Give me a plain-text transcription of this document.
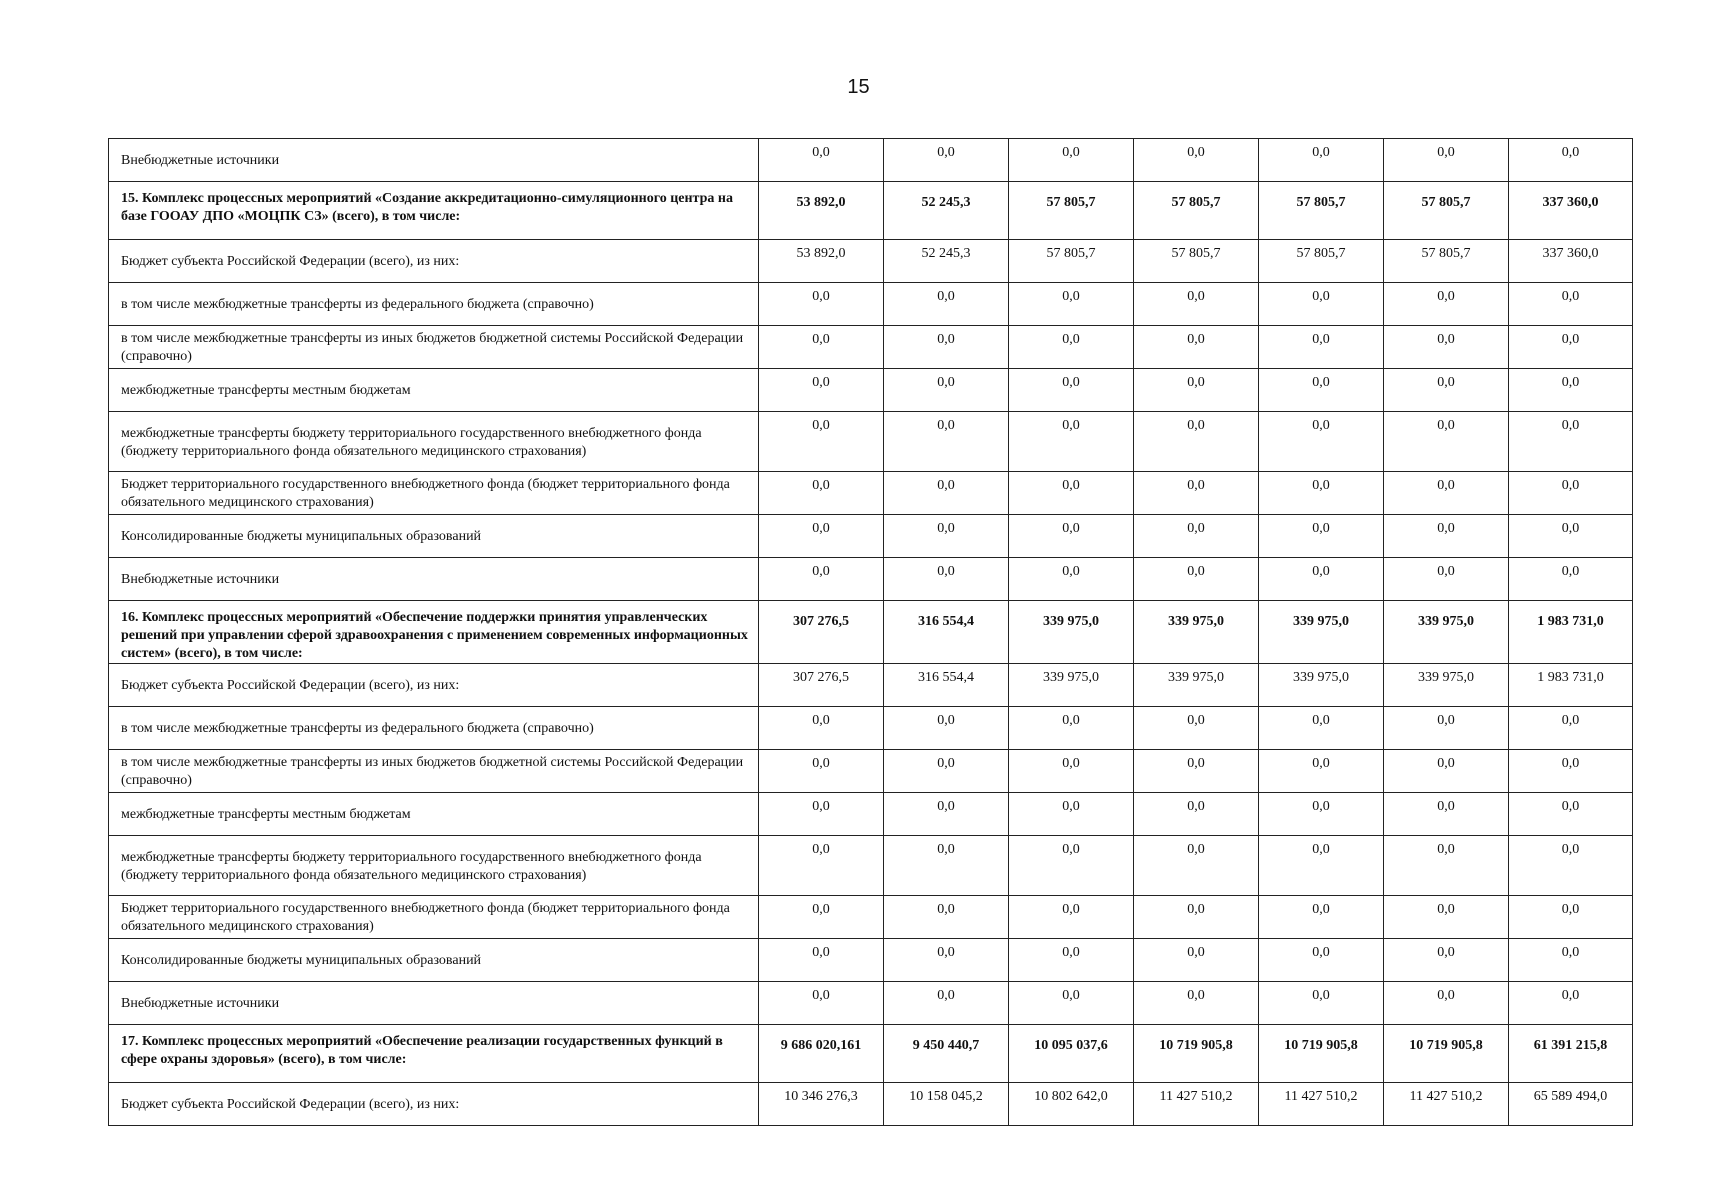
15
Внебюджетные источники	0,0	0,0	0,0	0,0	0,0	0,0	0,0
15. Комплекс процессных мероприятий «Создание аккредитационно-симуляционного центра на базе ГООАУ ДПО «МОЦПК СЗ» (всего), в том числе:	53 892,0	52 245,3	57 805,7	57 805,7	57 805,7	57 805,7	337 360,0
Бюджет субъекта Российской Федерации (всего), из них:	53 892,0	52 245,3	57 805,7	57 805,7	57 805,7	57 805,7	337 360,0
в том числе межбюджетные трансферты из федерального бюджета (справочно)	0,0	0,0	0,0	0,0	0,0	0,0	0,0
в том числе межбюджетные трансферты из иных бюджетов бюджетной системы Российской Федерации (справочно)	0,0	0,0	0,0	0,0	0,0	0,0	0,0
межбюджетные трансферты местным бюджетам	0,0	0,0	0,0	0,0	0,0	0,0	0,0
межбюджетные трансферты бюджету территориального государственного внебюджетного фонда (бюджету территориального фонда обязательного медицинского страхования)	0,0	0,0	0,0	0,0	0,0	0,0	0,0
Бюджет территориального государственного внебюджетного фонда (бюджет территориального фонда обязательного медицинского страхования)	0,0	0,0	0,0	0,0	0,0	0,0	0,0
Консолидированные бюджеты муниципальных образований	0,0	0,0	0,0	0,0	0,0	0,0	0,0
Внебюджетные источники	0,0	0,0	0,0	0,0	0,0	0,0	0,0
16. Комплекс процессных мероприятий «Обеспечение поддержки принятия управленческих решений при управлении сферой здравоохранения с применением современных информационных систем» (всего), в том числе:	307 276,5	316 554,4	339 975,0	339 975,0	339 975,0	339 975,0	1 983 731,0
Бюджет субъекта Российской Федерации (всего), из них:	307 276,5	316 554,4	339 975,0	339 975,0	339 975,0	339 975,0	1 983 731,0
в том числе межбюджетные трансферты из федерального бюджета (справочно)	0,0	0,0	0,0	0,0	0,0	0,0	0,0
в том числе межбюджетные трансферты из иных бюджетов бюджетной системы Российской Федерации (справочно)	0,0	0,0	0,0	0,0	0,0	0,0	0,0
межбюджетные трансферты местным бюджетам	0,0	0,0	0,0	0,0	0,0	0,0	0,0
межбюджетные трансферты бюджету территориального государственного внебюджетного фонда (бюджету территориального фонда обязательного медицинского страхования)	0,0	0,0	0,0	0,0	0,0	0,0	0,0
Бюджет территориального государственного внебюджетного фонда (бюджет территориального фонда обязательного медицинского страхования)	0,0	0,0	0,0	0,0	0,0	0,0	0,0
Консолидированные бюджеты муниципальных образований	0,0	0,0	0,0	0,0	0,0	0,0	0,0
Внебюджетные источники	0,0	0,0	0,0	0,0	0,0	0,0	0,0
17. Комплекс процессных мероприятий «Обеспечение реализации государственных функций в сфере охраны здоровья» (всего), в том числе:	9 686 020,161	9 450 440,7	10 095 037,6	10 719 905,8	10 719 905,8	10 719 905,8	61 391 215,8
Бюджет субъекта Российской Федерации (всего), из них:	10 346 276,3	10 158 045,2	10 802 642,0	11 427 510,2	11 427 510,2	11 427 510,2	65 589 494,0
